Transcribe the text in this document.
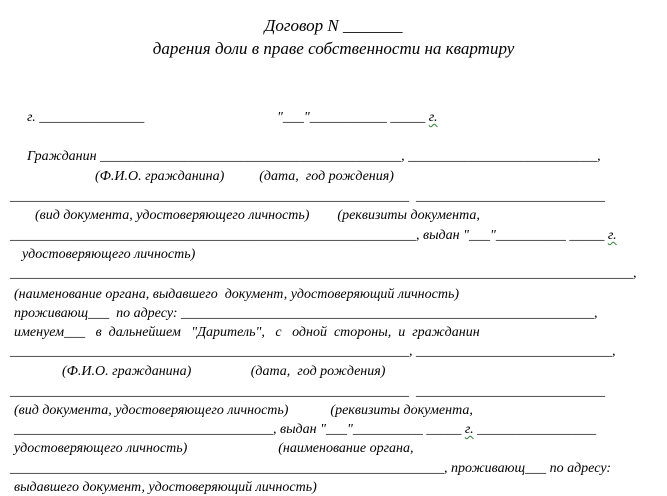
Договор N _______
дарения доли в праве собственности на квартиру
г. _______________	"___"___________ _____ г.
Гражданин ___________________________________________, ___________________________,
(Ф.И.О. гражданина)          (дата,  год рождения)
_________________________________________________________  ___________________________
(вид документа, удостоверяющего личность)        (реквизиты документа,
__________________________________________________________, выдан "___"__________ _____ г.
удостоверяющего личность)
_________________________________________________________________________________________,
(наименование органа, выдавшего  документ, удостоверяющий личность)
проживающ___  по адресу: ___________________________________________________________,
именуем___   в  дальнейшем   "Даритель",   с   одной  стороны,  и  гражданин
_________________________________________________________, ____________________________,
(Ф.И.О. гражданина)                 (дата,  год рождения)
_________________________________________________________  ___________________________
(вид документа, удостоверяющего личность)            (реквизиты документа,
_____________________________________, выдан "___"__________ _____ г. _________________
удостоверяющего личность)                          (наименование органа,
______________________________________________________________, проживающ___ по адресу:
выдавшего документ, удостоверяющий личность)
